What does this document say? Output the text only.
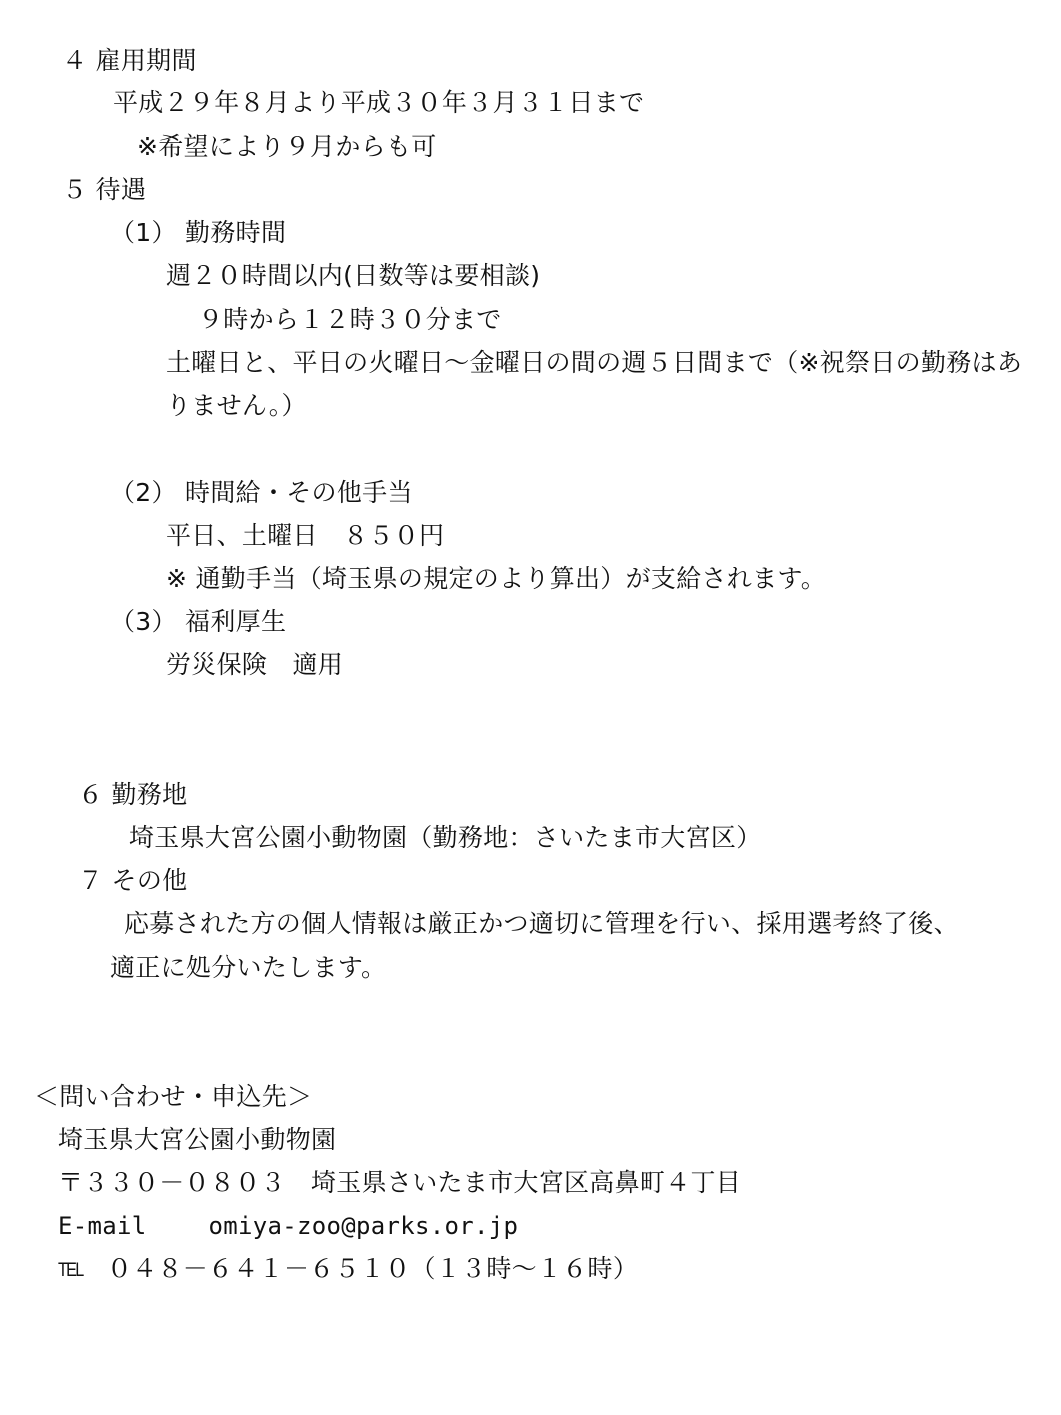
４ 雇用期間
平成２９年８月より平成３０年３月３１日まで
※希望により９月からも可
５ 待遇
（1） 勤務時間
週２０時間以内(日数等は要相談)
９時から１２時３０分まで
土曜日と、平日の火曜日～金曜日の間の週５日間まで（※祝祭日の勤務はあ
りません。）
（2） 時間給・その他手当
平日、土曜日　８５０円
※ 通勤手当（埼玉県の規定のより算出）が支給されます。
（3） 福利厚生
労災保険　適用
６ 勤務地
埼玉県大宮公園小動物園（勤務地：さいたま市大宮区）
７ その他
応募された方の個人情報は厳正かつ適切に管理を行い、採用選考終了後、
適正に処分いたします。
＜問い合わせ・申込先＞
埼玉県大宮公園小動物園
〒３３０－０８０３　埼玉県さいたま市大宮区高鼻町４丁目
E-mail	omiya-zoo@parks.or.jp
TEL ０４８－６４１－６５１０（１３時～１６時）
